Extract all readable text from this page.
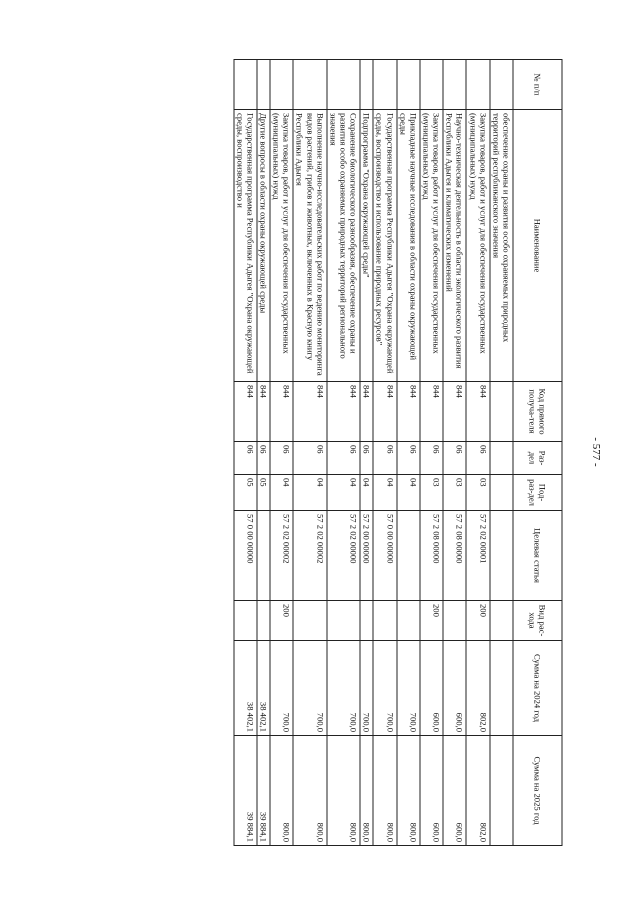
- 577 -
№ п/п	Наименование	Код прямого получа-теля	Раз-дел	Под-раз-дел	Целевая статья	Вид рас-хода	Сумма на 2024 год	Сумма на 2025 год
	обеспечение охраны и развития особо охраняемых природных территорий республиканского значения							
	Закупка товаров, работ и услуг для обеспечения государственных (муниципальных) нужд	844	06	03	57 2 02 00001	200	802,0	802,0
	Научно-техническая деятельность в области экологического развития Республики Адыгея и климатических изменений	844	06	03	57 2 08 00000		600,0	600,0
	Закупка товаров, работ и услуг для обеспечения государственных (муниципальных) нужд	844	06	03	57 2 08 00000	200	600,0	600,0
	Прикладные научные исследования в области охраны окружающей среды	844	06	04			700,0	800,0
	Государственная программа Республики Адыгея "Охрана окружающей среды, воспроизводство и использование природных ресурсов"	844	06	04	57 0 00 00000		700,0	800,0
	Подпрограмма "Охрана окружающей среды"	844	06	04	57 2 00 00000		700,0	800,0
	Сохранение биологического разнообразия, обеспечение охраны и развития особо охраняемых природных территорий регионального значения	844	06	04	57 2 02 00000		700,0	800,0
	Выполнение научно-исследовательских работ по ведению мониторинга видов растений, грибов и животных, включенных в Красную книгу Республики Адыгея	844	06	04	57 2 02 00002		700,0	800,0
	Закупка товаров, работ и услуг для обеспечения государственных (муниципальных) нужд	844	06	04	57 2 02 00002	200	700,0	800,0
	Другие вопросы в области охраны окружающей среды	844	06	05			38 402,1	39 884,1
	Государственная программа Республики Адыгея "Охрана окружающей среды, воспроизводство и	844	06	05	57 0 00 00000		38 402,1	39 884,1
